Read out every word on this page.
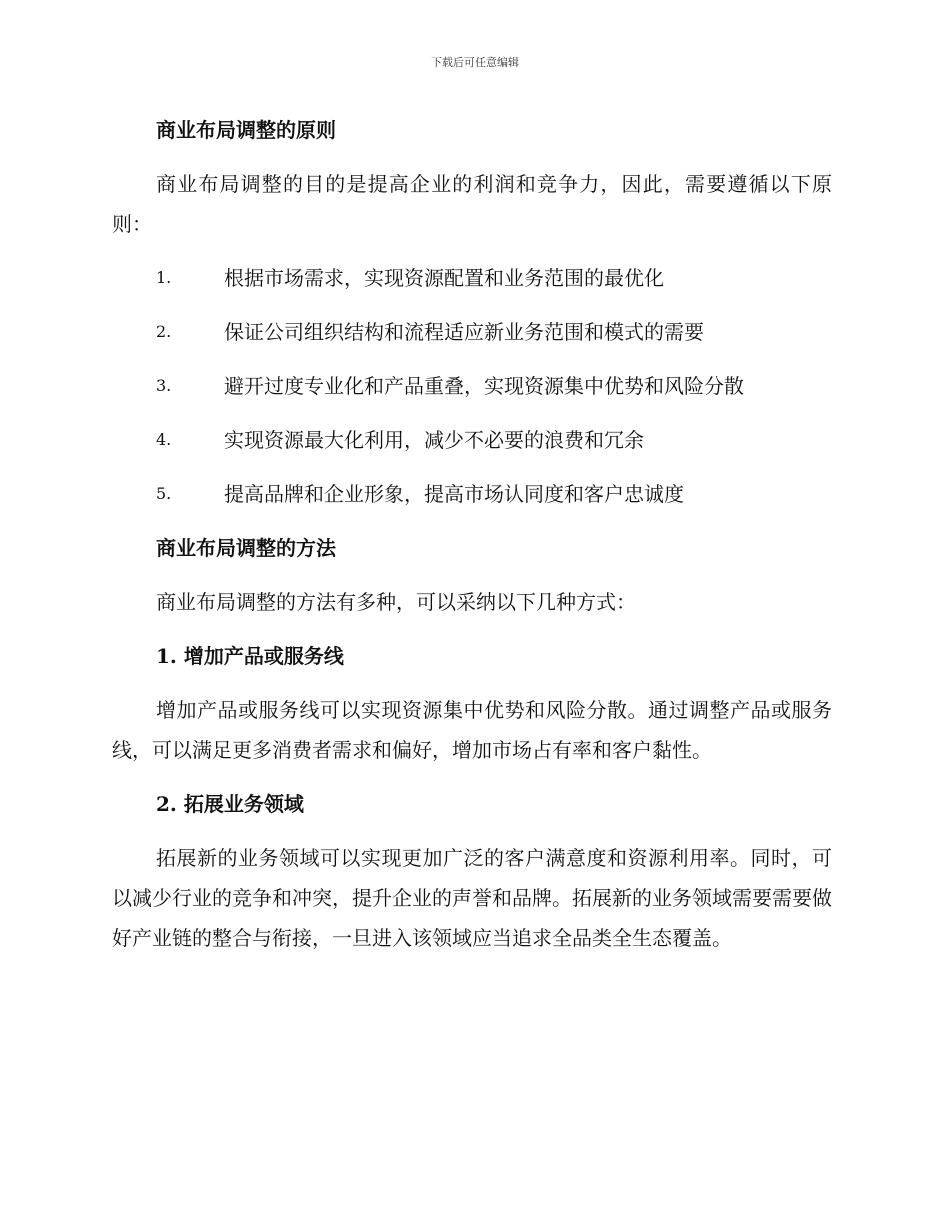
下载后可任意编辑
商业布局调整的原则

商业布局调整的目的是提高企业的利润和竞争力，因此，需要遵循以下原则：

1.	根据市场需求，实现资源配置和业务范围的最优化
2.	保证公司组织结构和流程适应新业务范围和模式的需要
3.	避开过度专业化和产品重叠，实现资源集中优势和风险分散
4.	实现资源最大化利用，减少不必要的浪费和冗余
5.	提高品牌和企业形象，提高市场认同度和客户忠诚度
商业布局调整的方法

商业布局调整的方法有多种，可以采纳以下几种方式：

1. 增加产品或服务线

增加产品或服务线可以实现资源集中优势和风险分散。通过调整产品或服务线，可以满足更多消费者需求和偏好，增加市场占有率和客户黏性。

2. 拓展业务领域

拓展新的业务领域可以实现更加广泛的客户满意度和资源利用率。同时，可以减少行业的竞争和冲突，提升企业的声誉和品牌。拓展新的业务领域需要需要做好产业链的整合与衔接，一旦进入该领域应当追求全品类全生态覆盖。
